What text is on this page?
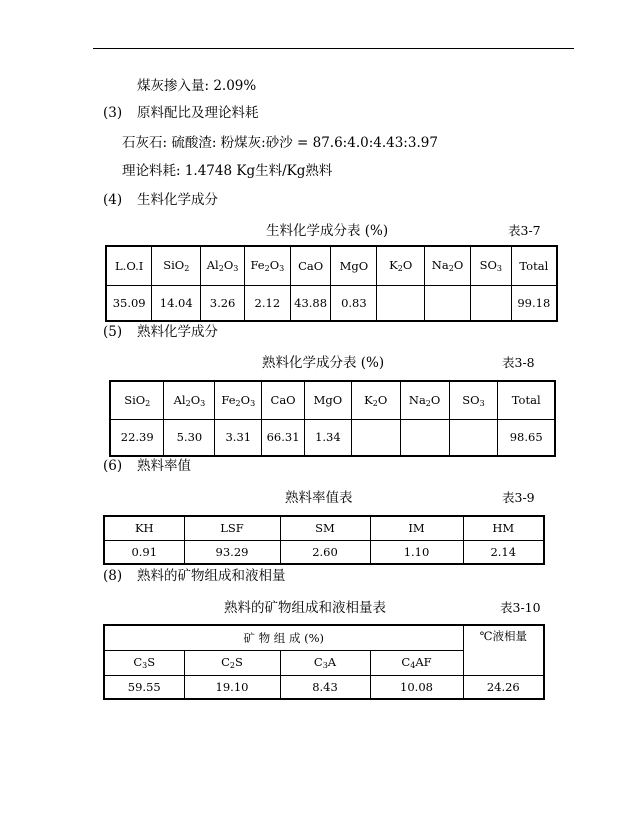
煤灰掺入量: 2.09%
(3) 原料配比及理论料耗
石灰石: 硫酸渣: 粉煤灰:砂沙 = 87.6:4.0:4.43:3.97
理论料耗: 1.4748 Kg生料/Kg熟料
(4) 生料化学成分
生料化学成分表 (%)	表3-7
L.O.I	SiO$_2$	$Al_2O_3$	$Fe_2O_3$	CaO	MgO	$K_2O$	$Na_2O$	$SO_3$	Total
35.09	14.04	3.26	2.12	43.88	0.83				99.18
(5) 熟料化学成分
熟料化学成分表 (%)	表3-8
SiO$_2$	$Al_2O_3$	$Fe_2O_3$	CaO	MgO	$K_2O$	$Na_2O$	$SO_3$	Total
22.39	5.30	3.31	66.31	1.34				98.65
(6) 熟料率值
熟料率值表	表3-9
KH	LSF	SM	IM	HM
0.91	93.29	2.60	1.10	2.14
(8) 熟料的矿物组成和液相量
熟料的矿物组成和液相量表	表3-10
矿 物 组 成 (%)				℃液相量
$C_3S$	$C_2S$	$C_3A$	$C_4AF$	
59.55	19.10	8.43	10.08	24.26
